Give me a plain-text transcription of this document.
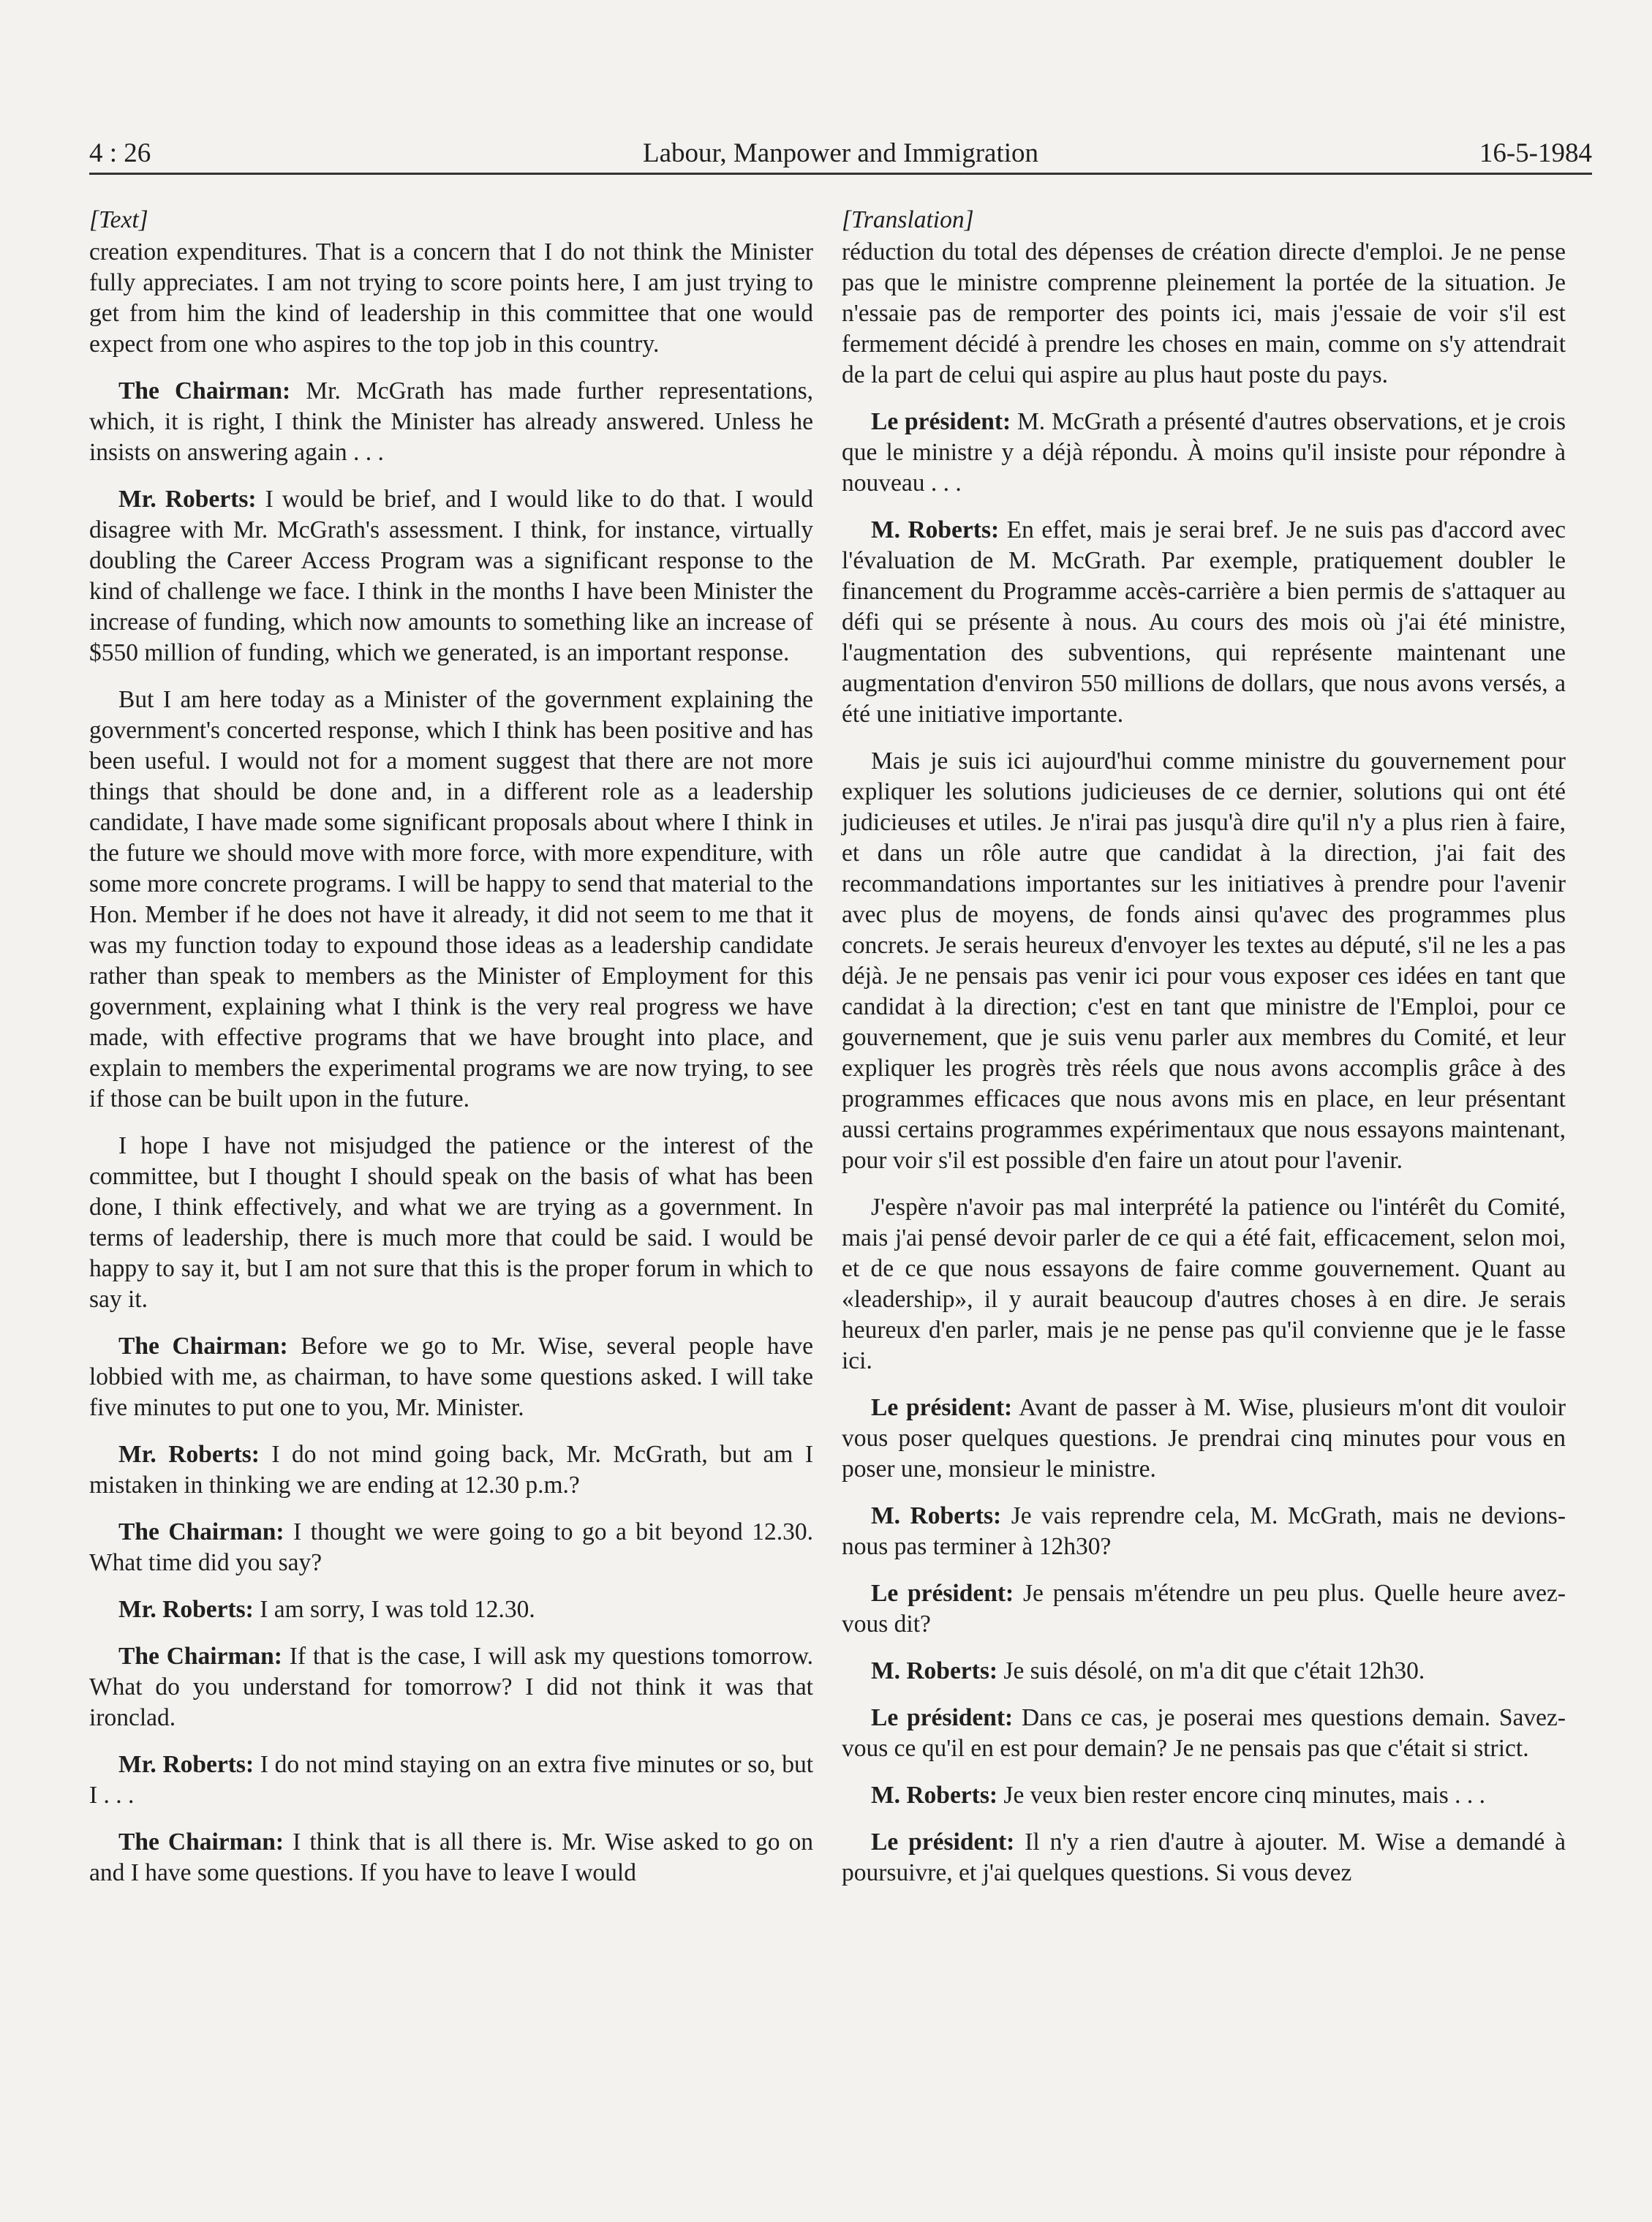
4 : 26	Labour, Manpower and Immigration	16-5-1984
[Text]

creation expenditures. That is a concern that I do not think the Minister fully appreciates. I am not trying to score points here, I am just trying to get from him the kind of leadership in this committee that one would expect from one who aspires to the top job in this country.

The Chairman: Mr. McGrath has made further representations, which, it is right, I think the Minister has already answered. Unless he insists on answering again . . .

Mr. Roberts: I would be brief, and I would like to do that. I would disagree with Mr. McGrath's assessment. I think, for instance, virtually doubling the Career Access Program was a significant response to the kind of challenge we face. I think in the months I have been Minister the increase of funding, which now amounts to something like an increase of $550 million of funding, which we generated, is an important response.

But I am here today as a Minister of the government explaining the government's concerted response, which I think has been positive and has been useful. I would not for a moment suggest that there are not more things that should be done and, in a different role as a leadership candidate, I have made some significant proposals about where I think in the future we should move with more force, with more expenditure, with some more concrete programs. I will be happy to send that material to the Hon. Member if he does not have it already, it did not seem to me that it was my function today to expound those ideas as a leadership candidate rather than speak to members as the Minister of Employment for this government, explaining what I think is the very real progress we have made, with effective programs that we have brought into place, and explain to members the experimental programs we are now trying, to see if those can be built upon in the future.

I hope I have not misjudged the patience or the interest of the committee, but I thought I should speak on the basis of what has been done, I think effectively, and what we are trying as a government. In terms of leadership, there is much more that could be said. I would be happy to say it, but I am not sure that this is the proper forum in which to say it.

The Chairman: Before we go to Mr. Wise, several people have lobbied with me, as chairman, to have some questions asked. I will take five minutes to put one to you, Mr. Minister.

Mr. Roberts: I do not mind going back, Mr. McGrath, but am I mistaken in thinking we are ending at 12.30 p.m.?

The Chairman: I thought we were going to go a bit beyond 12.30. What time did you say?

Mr. Roberts: I am sorry, I was told 12.30.

The Chairman: If that is the case, I will ask my questions tomorrow. What do you understand for tomorrow? I did not think it was that ironclad.

Mr. Roberts: I do not mind staying on an extra five minutes or so, but I . . .

The Chairman: I think that is all there is. Mr. Wise asked to go on and I have some questions. If you have to leave I would

[Translation]

réduction du total des dépenses de création directe d'emploi. Je ne pense pas que le ministre comprenne pleinement la portée de la situation. Je n'essaie pas de remporter des points ici, mais j'essaie de voir s'il est fermement décidé à prendre les choses en main, comme on s'y attendrait de la part de celui qui aspire au plus haut poste du pays.

Le président: M. McGrath a présenté d'autres observations, et je crois que le ministre y a déjà répondu. À moins qu'il insiste pour répondre à nouveau . . .

M. Roberts: En effet, mais je serai bref. Je ne suis pas d'accord avec l'évaluation de M. McGrath. Par exemple, pratiquement doubler le financement du Programme accès-carrière a bien permis de s'attaquer au défi qui se présente à nous. Au cours des mois où j'ai été ministre, l'augmentation des subventions, qui représente maintenant une augmentation d'environ 550 millions de dollars, que nous avons versés, a été une initiative importante.

Mais je suis ici aujourd'hui comme ministre du gouvernement pour expliquer les solutions judicieuses de ce dernier, solutions qui ont été judicieuses et utiles. Je n'irai pas jusqu'à dire qu'il n'y a plus rien à faire, et dans un rôle autre que candidat à la direction, j'ai fait des recommandations importantes sur les initiatives à prendre pour l'avenir avec plus de moyens, de fonds ainsi qu'avec des programmes plus concrets. Je serais heureux d'envoyer les textes au député, s'il ne les a pas déjà. Je ne pensais pas venir ici pour vous exposer ces idées en tant que candidat à la direction; c'est en tant que ministre de l'Emploi, pour ce gouvernement, que je suis venu parler aux membres du Comité, et leur expliquer les progrès très réels que nous avons accomplis grâce à des programmes efficaces que nous avons mis en place, en leur présentant aussi certains programmes expérimentaux que nous essayons maintenant, pour voir s'il est possible d'en faire un atout pour l'avenir.

J'espère n'avoir pas mal interprété la patience ou l'intérêt du Comité, mais j'ai pensé devoir parler de ce qui a été fait, efficacement, selon moi, et de ce que nous essayons de faire comme gouvernement. Quant au «leadership», il y aurait beaucoup d'autres choses à en dire. Je serais heureux d'en parler, mais je ne pense pas qu'il convienne que je le fasse ici.

Le président: Avant de passer à M. Wise, plusieurs m'ont dit vouloir vous poser quelques questions. Je prendrai cinq minutes pour vous en poser une, monsieur le ministre.

M. Roberts: Je vais reprendre cela, M. McGrath, mais ne devions-nous pas terminer à 12h30?

Le président: Je pensais m'étendre un peu plus. Quelle heure avez-vous dit?

M. Roberts: Je suis désolé, on m'a dit que c'était 12h30.

Le président: Dans ce cas, je poserai mes questions demain. Savez-vous ce qu'il en est pour demain? Je ne pensais pas que c'était si strict.

M. Roberts: Je veux bien rester encore cinq minutes, mais . . .

Le président: Il n'y a rien d'autre à ajouter. M. Wise a demandé à poursuivre, et j'ai quelques questions. Si vous devez
